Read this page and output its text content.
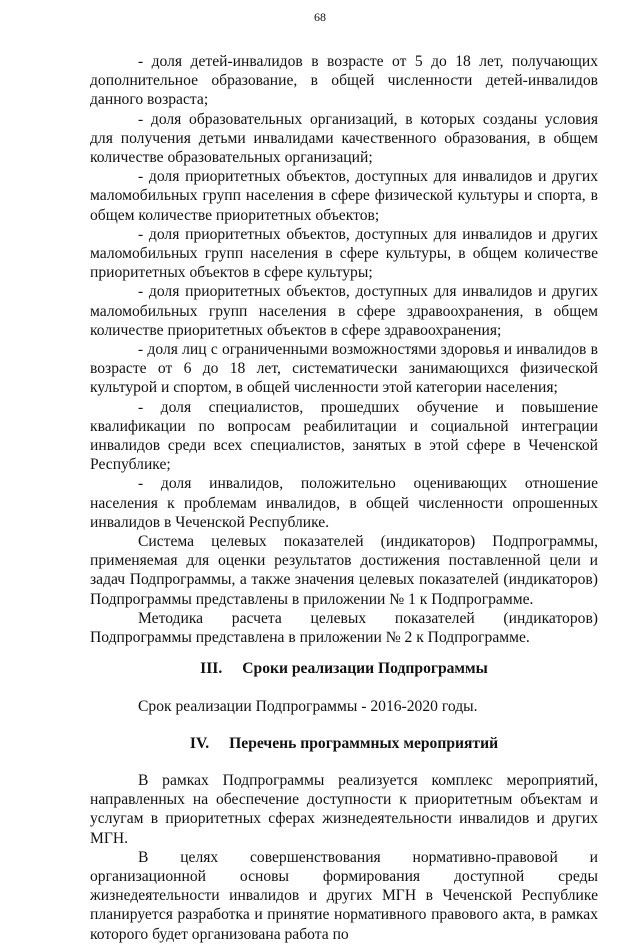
68

- доля детей-инвалидов в возрасте от 5 до 18 лет, получающих дополнительное образование, в общей численности детей-инвалидов данного возраста;

- доля образовательных организаций, в которых созданы условия для получения детьми инвалидами качественного образования, в общем количестве образовательных организаций;

- доля приоритетных объектов, доступных для инвалидов и других маломобильных групп населения в сфере физической культуры и спорта, в общем количестве приоритетных объектов;

- доля приоритетных объектов, доступных для инвалидов и других маломобильных групп населения в сфере культуры, в общем количестве приоритетных объектов в сфере культуры;

- доля приоритетных объектов, доступных для инвалидов и других маломобильных групп населения в сфере здравоохранения, в общем количестве приоритетных объектов в сфере здравоохранения;

- доля лиц с ограниченными возможностями здоровья и инвалидов в возрасте от 6 до 18 лет, систематически занимающихся физической культурой и спортом, в общей численности этой категории населения;

- доля специалистов, прошедших обучение и повышение квалификации по вопросам реабилитации и социальной интеграции инвалидов среди всех специалистов, занятых в этой сфере в Чеченской Республике;

- доля инвалидов, положительно оценивающих отношение населения к проблемам инвалидов, в общей численности опрошенных инвалидов в Чеченской Республике.

Система целевых показателей (индикаторов) Подпрограммы, применяемая для оценки результатов достижения поставленной цели и задач Подпрограммы, а также значения целевых показателей (индикаторов) Подпрограммы представлены в приложении № 1 к Подпрограмме.

Методика расчета целевых показателей (индикаторов) Подпрограммы представлена в приложении № 2 к Подпрограмме.

III. Сроки реализации Подпрограммы

Срок реализации Подпрограммы - 2016-2020 годы.

IV. Перечень программных мероприятий

В рамках Подпрограммы реализуется комплекс мероприятий, направленных на обеспечение доступности к приоритетным объектам и услугам в приоритетных сферах жизнедеятельности инвалидов и других МГН.

В целях совершенствования нормативно-правовой и организационной основы формирования доступной среды жизнедеятельности инвалидов и других МГН в Чеченской Республике планируется разработка и принятие нормативного правового акта, в рамках которого будет организована работа по
